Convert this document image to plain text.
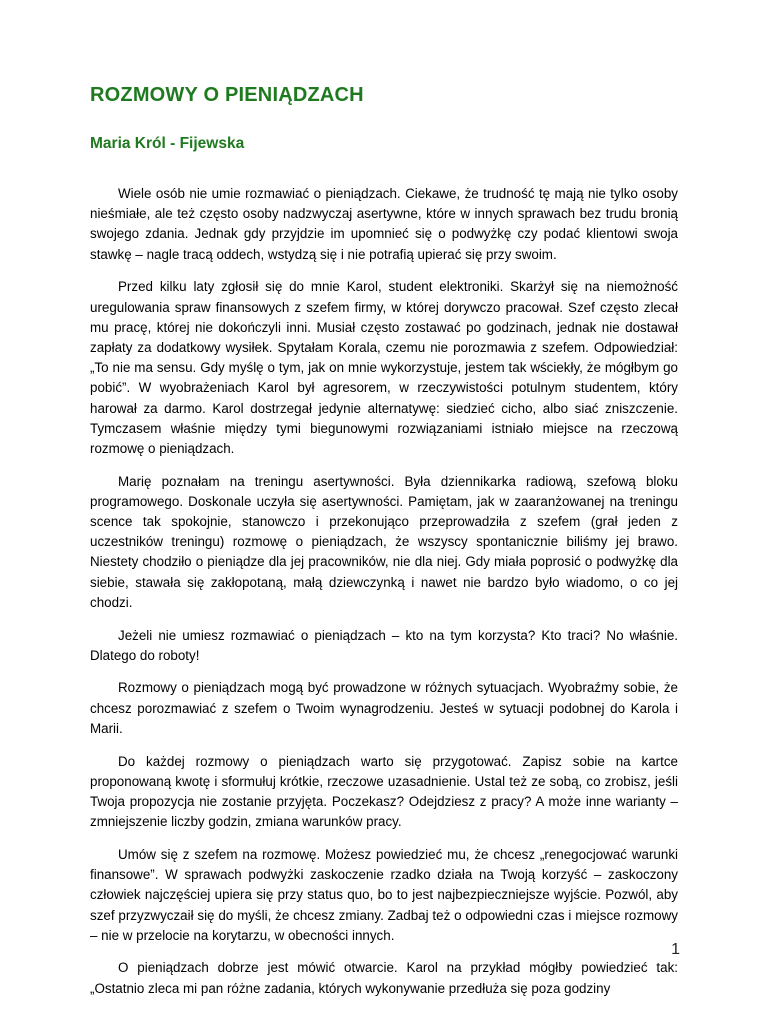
ROZMOWY O PIENIĄDZACH
Maria Król - Fijewska

Wiele osób nie umie rozmawiać o pieniądzach. Ciekawe, że trudność tę mają nie tylko osoby nieśmiałe, ale też często osoby nadzwyczaj asertywne, które w innych sprawach bez trudu bronią swojego zdania. Jednak gdy przyjdzie im upomnieć się o podwyżkę czy podać klientowi swoja stawkę – nagle tracą oddech, wstydzą się i nie potrafią upierać się przy swoim.

Przed kilku laty zgłosił się do mnie Karol, student elektroniki. Skarżył się na niemożność uregulowania spraw finansowych z szefem firmy, w której dorywczo pracował. Szef często zlecał mu pracę, której nie dokończyli inni. Musiał często zostawać po godzinach, jednak nie dostawał zapłaty za dodatkowy wysiłek. Spytałam Korala, czemu nie porozmawia z szefem. Odpowiedział: „To nie ma sensu. Gdy myślę o tym, jak on mnie wykorzystuje, jestem tak wściekły, że mógłbym go pobić”. W wyobrażeniach Karol był agresorem, w rzeczywistości potulnym studentem, który harował za darmo. Karol dostrzegał jedynie alternatywę: siedzieć cicho, albo siać zniszczenie. Tymczasem właśnie między tymi biegunowymi rozwiązaniami istniało miejsce na rzeczową rozmowę o pieniądzach.

Marię poznałam na treningu asertywności. Była dziennikarka radiową, szefową bloku programowego. Doskonale uczyła się asertywności. Pamiętam, jak w zaaranżowanej na treningu scence tak spokojnie, stanowczo i przekonująco przeprowadziła z szefem (grał jeden z uczestników treningu) rozmowę o pieniądzach, że wszyscy spontanicznie biliśmy jej brawo. Niestety chodziło o pieniądze dla jej pracowników, nie dla niej. Gdy miała poprosić o podwyżkę dla siebie, stawała się zakłopotaną, małą dziewczynką i nawet nie bardzo było wiadomo, o co jej chodzi.

Jeżeli nie umiesz rozmawiać o pieniądzach – kto na tym korzysta? Kto traci? No właśnie. Dlatego do roboty!

Rozmowy o pieniądzach mogą być prowadzone w różnych sytuacjach. Wyobraźmy sobie, że chcesz porozmawiać z szefem o Twoim wynagrodzeniu. Jesteś w sytuacji podobnej do Karola i Marii.

Do każdej rozmowy o pieniądzach warto się przygotować. Zapisz sobie na kartce proponowaną kwotę i sformułuj krótkie, rzeczowe uzasadnienie. Ustal też ze sobą, co zrobisz, jeśli Twoja propozycja nie zostanie przyjęta. Poczekasz? Odejdziesz z pracy? A może inne warianty – zmniejszenie liczby godzin, zmiana warunków pracy.

Umów się z szefem na rozmowę. Możesz powiedzieć mu, że chcesz „renegocjować warunki finansowe”. W sprawach podwyżki zaskoczenie rzadko działa na Twoją korzyść – zaskoczony człowiek najczęściej upiera się przy status quo, bo to jest najbezpieczniejsze wyjście. Pozwól, aby szef przyzwyczaił się do myśli, że chcesz zmiany. Zadbaj też o odpowiedni czas i miejsce rozmowy – nie w przelocie na korytarzu, w obecności innych.

O pieniądzach dobrze jest mówić otwarcie. Karol na przykład mógłby powiedzieć tak: „Ostatnio zleca mi pan różne zadania, których wykonywanie przedłuża się poza godziny

1
